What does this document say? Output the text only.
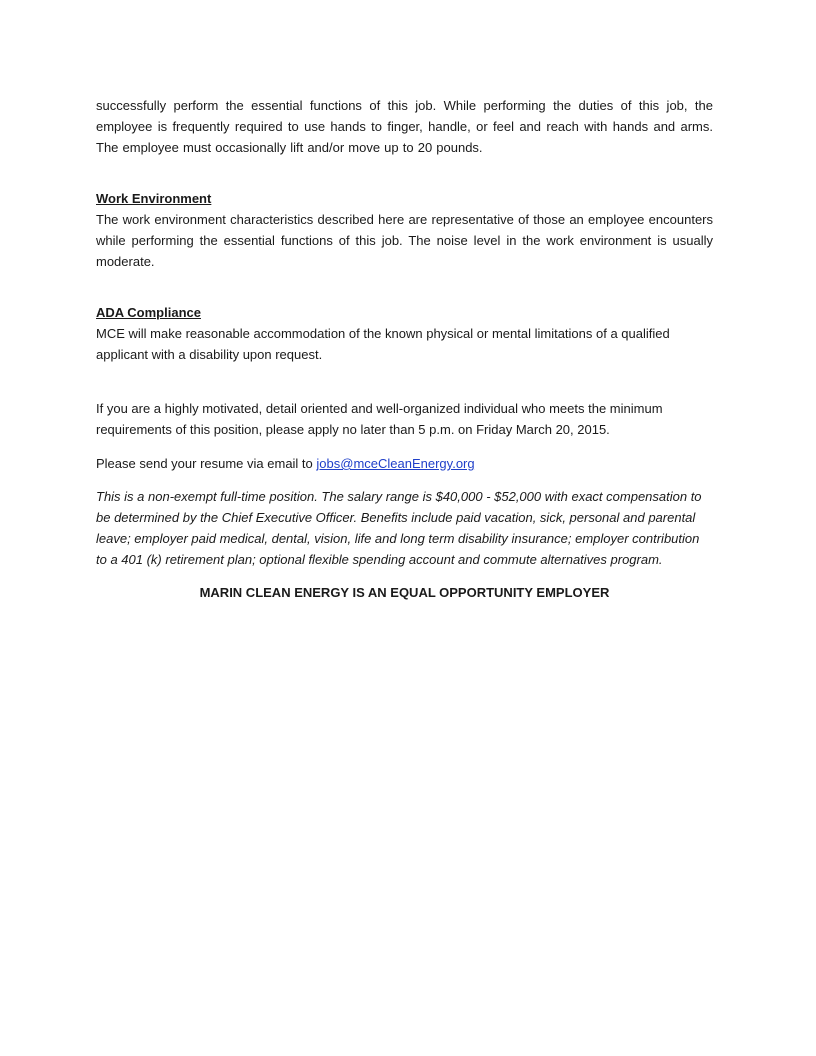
successfully perform the essential functions of this job. While performing the duties of this job, the employee is frequently required to use hands to finger, handle, or feel and reach with hands and arms. The employee must occasionally lift and/or move up to 20 pounds.

Work Environment

The work environment characteristics described here are representative of those an employee encounters while performing the essential functions of this job. The noise level in the work environment is usually moderate.

ADA Compliance

MCE will make reasonable accommodation of the known physical or mental limitations of a qualified applicant with a disability upon request.

If you are a highly motivated, detail oriented and well-organized individual who meets the minimum requirements of this position, please apply no later than 5 p.m. on Friday March 20, 2015.

Please send your resume via email to jobs@mceCleanEnergy.org

This is a non-exempt full-time position. The salary range is $40,000 - $52,000 with exact compensation to be determined by the Chief Executive Officer. Benefits include paid vacation, sick, personal and parental leave; employer paid medical, dental, vision, life and long term disability insurance; employer contribution to a 401 (k) retirement plan; optional flexible spending account and commute alternatives program.

MARIN CLEAN ENERGY IS AN EQUAL OPPORTUNITY EMPLOYER
